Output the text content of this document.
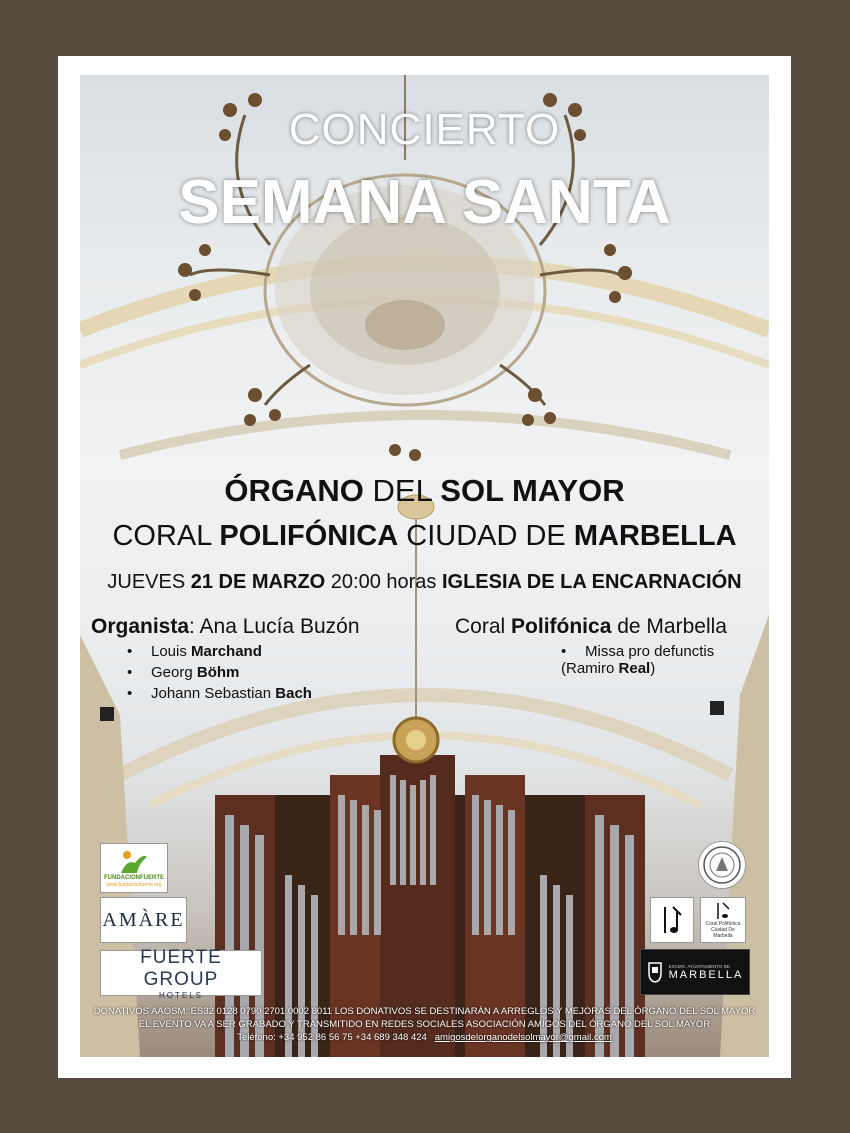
CONCIERTO
SEMANA SANTA
ÓRGANO DEL SOL MAYOR
CORAL POLIFÓNICA CIUDAD DE MARBELLA
JUEVES 21 DE MARZO 20:00 horas IGLESIA DE LA ENCARNACIÓN
Organista: Ana Lucía Buzón
• Louis Marchand
• Georg Böhm
• Johann Sebastian Bach
Coral Polifónica de Marbella
• Missa pro defunctis
(Ramiro Real)
FUNDACIONFUERTE
www.fundacionfuerte.org
AMÀRE
FUERTE GROUP
HOTELS
Coral Polifónica Ciudad De Marbella
EXCMO. AYUNTAMIENTO DE
MARBELLA
DONATIVOS AAOSM: ES32 0128 0790 2701 0002 8011 LOS DONATIVOS SE DESTINARÁN A ARREGLOS Y MEJORAS DEL ÓRGANO DEL SOL MAYOR
EL EVENTO VA A SER GRABADO Y TRANSMITIDO EN REDES SOCIALES ASOCIACIÓN AMIGOS DEL ÓRGANO DEL SOL MAYOR
Teléfono: +34 952 86 56 75 +34 689 348 424 amigosdelorganodelsolmayor@gmail.com
